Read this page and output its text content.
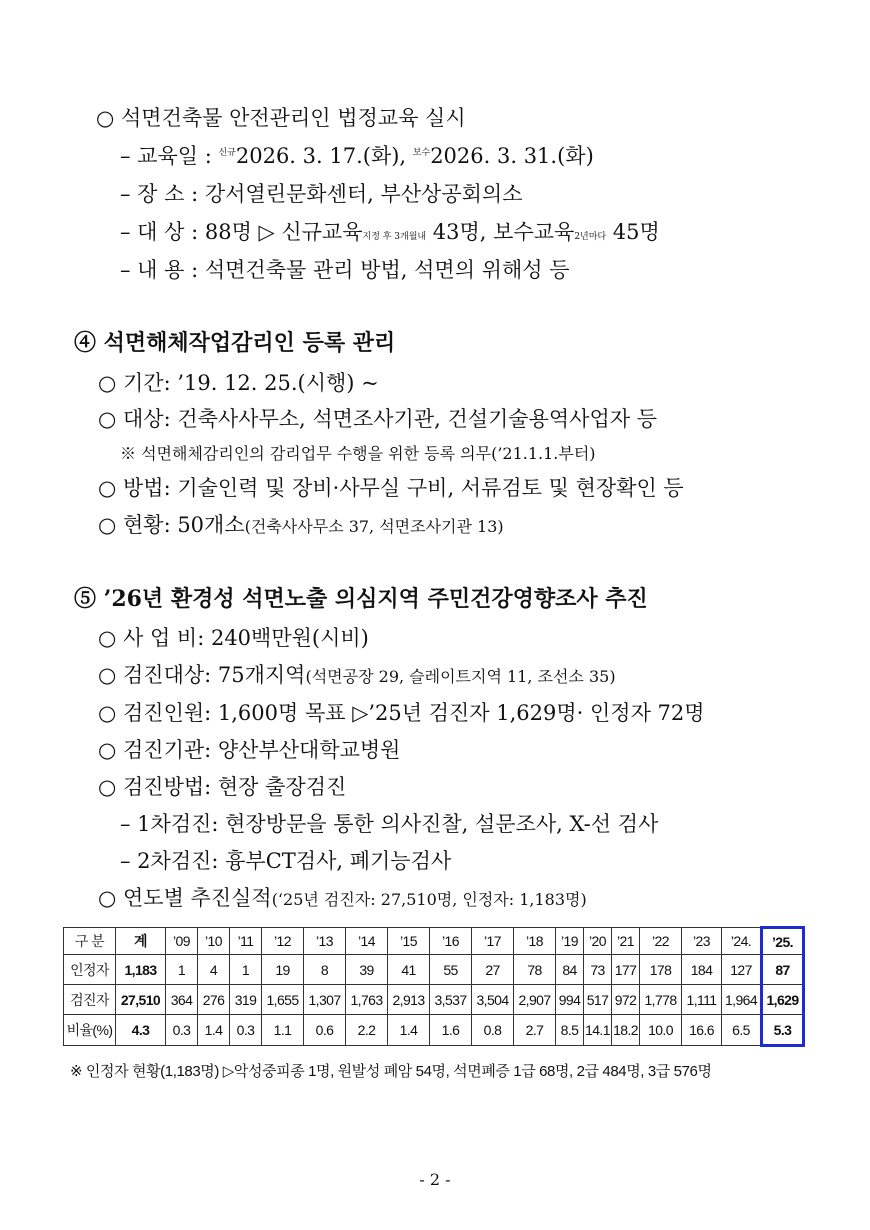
○ 석면건축물 안전관리인 법정교육 실시
– 교육일 : $^{신규}$2026. 3. 17.(화), $^{보수}$2026. 3. 31.(화)
– 장 소 : 강서열린문화센터, 부산상공회의소
– 대 상 : 88명 ▷ 신규교육지정 후 3개월내 43명, 보수교육2년마다 45명
– 내 용 : 석면건축물 관리 방법, 석면의 위해성 등
④ 석면해체작업감리인 등록 관리
○ 기간: ’19. 12. 25.(시행) ~
○ 대상: 건축사사무소, 석면조사기관, 건설기술용역사업자 등
※ 석면해체감리인의 감리업무 수행을 위한 등록 의무(’21.1.1.부터)
○ 방법: 기술인력 및 장비·사무실 구비, 서류검토 및 현장확인 등
○ 현황: 50개소(건축사사무소 37, 석면조사기관 13)
⑤ ’26년 환경성 석면노출 의심지역 주민건강영향조사 추진
○ 사 업 비: 240백만원(시비)
○ 검진대상: 75개지역(석면공장 29, 슬레이트지역 11, 조선소 35)
○ 검진인원: 1,600명 목표 ▷’25년 검진자 1,629명· 인정자 72명
○ 검진기관: 양산부산대학교병원
○ 검진방법: 현장 출장검진
– 1차검진: 현장방문을 통한 의사진찰, 설문조사, X-선 검사
– 2차검진: 흉부CT검사, 폐기능검사
○ 연도별 추진실적(‘25년 검진자: 27,510명, 인정자: 1,183명)
구 분	계	’09	’10	’11	’12	’13	’14	’15	’16	’17	’18	’19	’20	’21	’22	’23	’24.	’25.
인정자	1,183	1	4	1	19	8	39	41	55	27	78	84	73	177	178	184	127	87
검진자	27,510	364	276	319	1,655	1,307	1,763	2,913	3,537	3,504	2,907	994	517	972	1,778	1,111	1,964	1,629
비율(%)	4.3	0.3	1.4	0.3	1.1	0.6	2.2	1.4	1.6	0.8	2.7	8.5	14.1	18.2	10.0	16.6	6.5	5.3
※ 인정자 현황(1,183명) ▷악성중피종 1명, 원발성 폐암 54명, 석면폐증 1급 68명, 2급 484명, 3급 576명
- 2 -
